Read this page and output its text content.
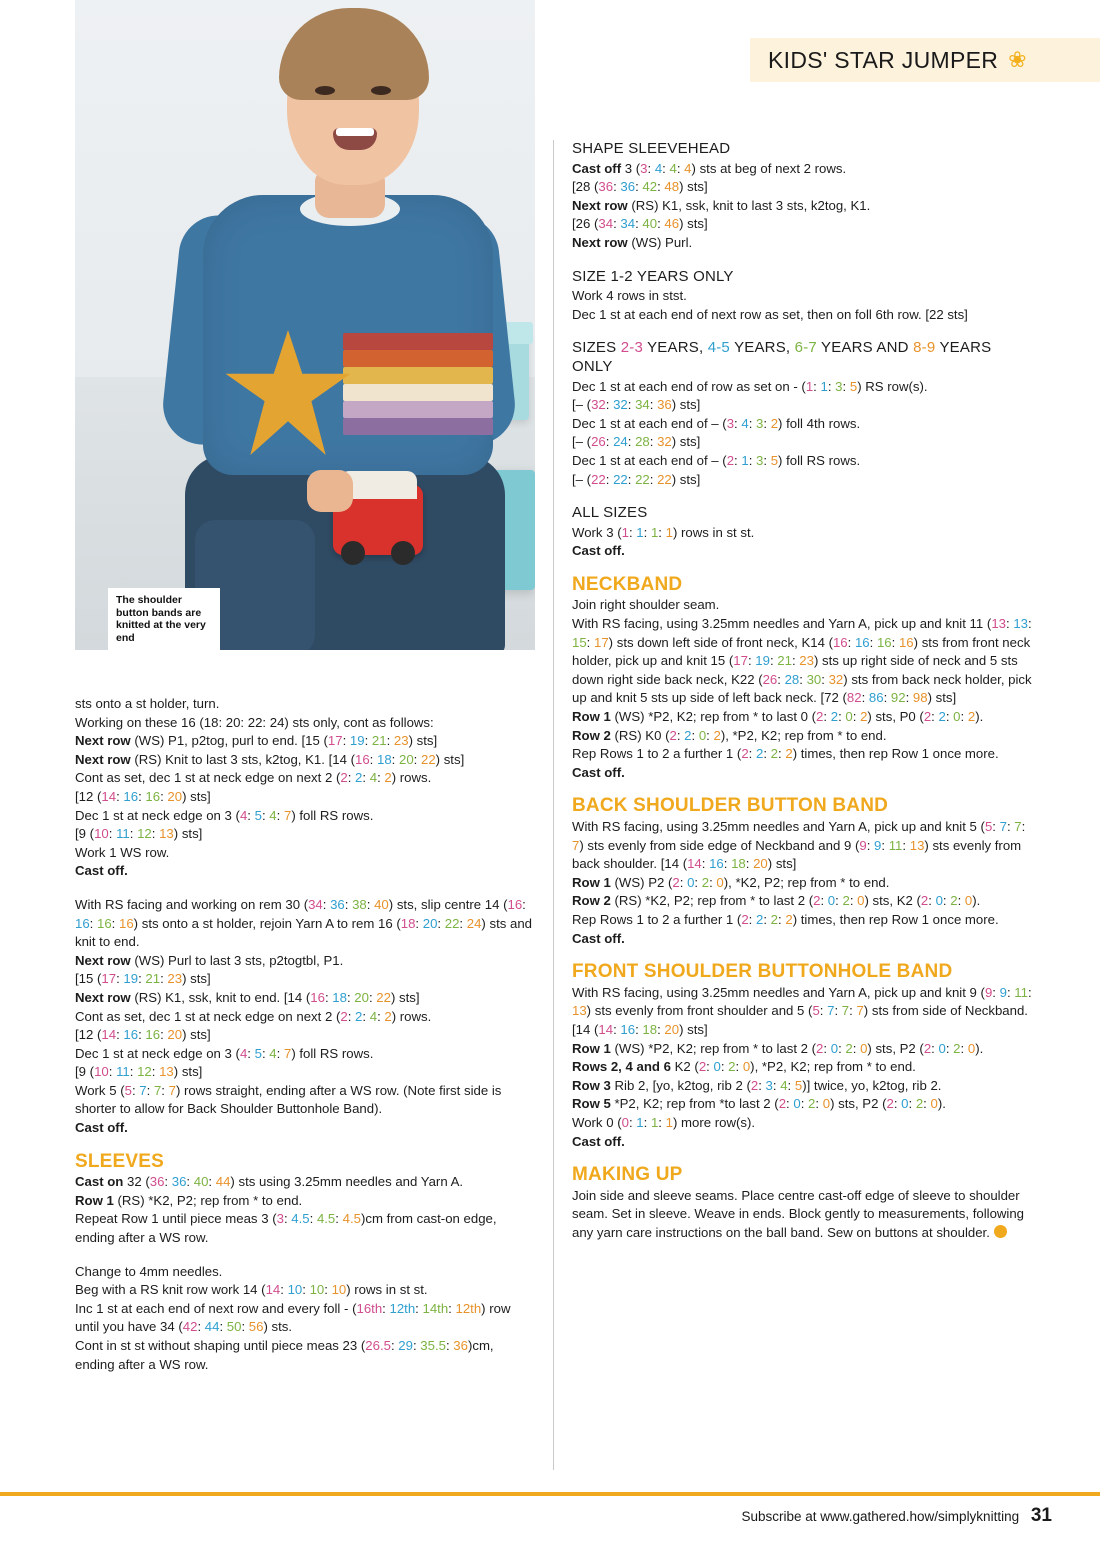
The shoulder button bands are knitted at the very end
KIDS' STAR JUMPER ❀

sts onto a st holder, turn.

Working on these 16 (18: 20: 22: 24) sts only, cont as follows:

Next row (WS) P1, p2tog, purl to end. [15 (17: 19: 21: 23) sts]

Next row (RS) Knit to last 3 sts, k2tog, K1. [14 (16: 18: 20: 22) sts]

Cont as set, dec 1 st at neck edge on next 2 (2: 2: 4: 2) rows.

[12 (14: 16: 16: 20) sts]

Dec 1 st at neck edge on 3 (4: 5: 4: 7) foll RS rows.

[9 (10: 11: 12: 13) sts]

Work 1 WS row.

Cast off.

With RS facing and working on rem 30 (34: 36: 38: 40) sts, slip centre 14 (16: 16: 16: 16) sts onto a st holder, rejoin Yarn A to rem 16 (18: 20: 22: 24) sts and knit to end.

Next row (WS) Purl to last 3 sts, p2togtbl, P1.

[15 (17: 19: 21: 23) sts]

Next row (RS) K1, ssk, knit to end. [14 (16: 18: 20: 22) sts]

Cont as set, dec 1 st at neck edge on next 2 (2: 2: 4: 2) rows.

[12 (14: 16: 16: 20) sts]

Dec 1 st at neck edge on 3 (4: 5: 4: 7) foll RS rows.

[9 (10: 11: 12: 13) sts]

Work 5 (5: 7: 7: 7) rows straight, ending after a WS row. (Note first side is shorter to allow for Back Shoulder Buttonhole Band).

Cast off.

SLEEVES

Cast on 32 (36: 36: 40: 44) sts using 3.25mm needles and Yarn A.

Row 1 (RS) *K2, P2; rep from * to end.

Repeat Row 1 until piece meas 3 (3: 4.5: 4.5: 4.5)cm from cast-on edge, ending after a WS row.

Change to 4mm needles.

Beg with a RS knit row work 14 (14: 10: 10: 10) rows in st st.

Inc 1 st at each end of next row and every foll - (16th: 12th: 14th: 12th) row until you have 34 (42: 44: 50: 56) sts.

Cont in st st without shaping until piece meas 23 (26.5: 29: 35.5: 36)cm, ending after a WS row.

SHAPE SLEEVEHEAD

Cast off 3 (3: 4: 4: 4) sts at beg of next 2 rows.

[28 (36: 36: 42: 48) sts]

Next row (RS) K1, ssk, knit to last 3 sts, k2tog, K1.

[26 (34: 34: 40: 46) sts]

Next row (WS) Purl.

SIZE 1-2 YEARS ONLY

Work 4 rows in stst.

Dec 1 st at each end of next row as set, then on foll 6th row. [22 sts]

SIZES 2-3 YEARS, 4-5 YEARS, 6-7 YEARS AND 8-9 YEARS ONLY

Dec 1 st at each end of row as set on - (1: 1: 3: 5) RS row(s).

[– (32: 32: 34: 36) sts]

Dec 1 st at each end of – (3: 4: 3: 2) foll 4th rows.

[– (26: 24: 28: 32) sts]

Dec 1 st at each end of – (2: 1: 3: 5) foll RS rows.

[– (22: 22: 22: 22) sts]

ALL SIZES

Work 3 (1: 1: 1: 1) rows in st st.

Cast off.

NECKBAND

Join right shoulder seam.

With RS facing, using 3.25mm needles and Yarn A, pick up and knit 11 (13: 13: 15: 17) sts down left side of front neck, K14 (16: 16: 16: 16) sts from front neck holder, pick up and knit 15 (17: 19: 21: 23) sts up right side of neck and 5 sts down right side back neck, K22 (26: 28: 30: 32) sts from back neck holder, pick up and knit 5 sts up side of left back neck. [72 (82: 86: 92: 98) sts]

Row 1 (WS) *P2, K2; rep from * to last 0 (2: 2: 0: 2) sts, P0 (2: 2: 0: 2).

Row 2 (RS) K0 (2: 2: 0: 2), *P2, K2; rep from * to end.

Rep Rows 1 to 2 a further 1 (2: 2: 2: 2) times, then rep Row 1 once more.

Cast off.

BACK SHOULDER BUTTON BAND

With RS facing, using 3.25mm needles and Yarn A, pick up and knit 5 (5: 7: 7: 7) sts evenly from side edge of Neckband and 9 (9: 9: 11: 13) sts evenly from back shoulder. [14 (14: 16: 18: 20) sts]

Row 1 (WS) P2 (2: 0: 2: 0), *K2, P2; rep from * to end.

Row 2 (RS) *K2, P2; rep from * to last 2 (2: 0: 2: 0) sts, K2 (2: 0: 2: 0).

Rep Rows 1 to 2 a further 1 (2: 2: 2: 2) times, then rep Row 1 once more.

Cast off.

FRONT SHOULDER BUTTONHOLE BAND

With RS facing, using 3.25mm needles and Yarn A, pick up and knit 9 (9: 9: 11: 13) sts evenly from front shoulder and 5 (5: 7: 7: 7) sts from side of Neckband. [14 (14: 16: 18: 20) sts]

Row 1 (WS) *P2, K2; rep from * to last 2 (2: 0: 2: 0) sts, P2 (2: 0: 2: 0).

Rows 2, 4 and 6 K2 (2: 0: 2: 0), *P2, K2; rep from * to end.

Row 3 Rib 2, [yo, k2tog, rib 2 (2: 3: 4: 5)] twice, yo, k2tog, rib 2.

Row 5 *P2, K2; rep from *to last 2 (2: 0: 2: 0) sts, P2 (2: 0: 2: 0).

Work 0 (0: 1: 1: 1) more row(s).

Cast off.

MAKING UP

Join side and sleeve seams. Place centre cast-off edge of sleeve to shoulder seam. Set in sleeve. Weave in ends. Block gently to measurements, following any yarn care instructions on the ball band. Sew on buttons at shoulder.

Subscribe at www.gathered.how/simplyknitting 31
